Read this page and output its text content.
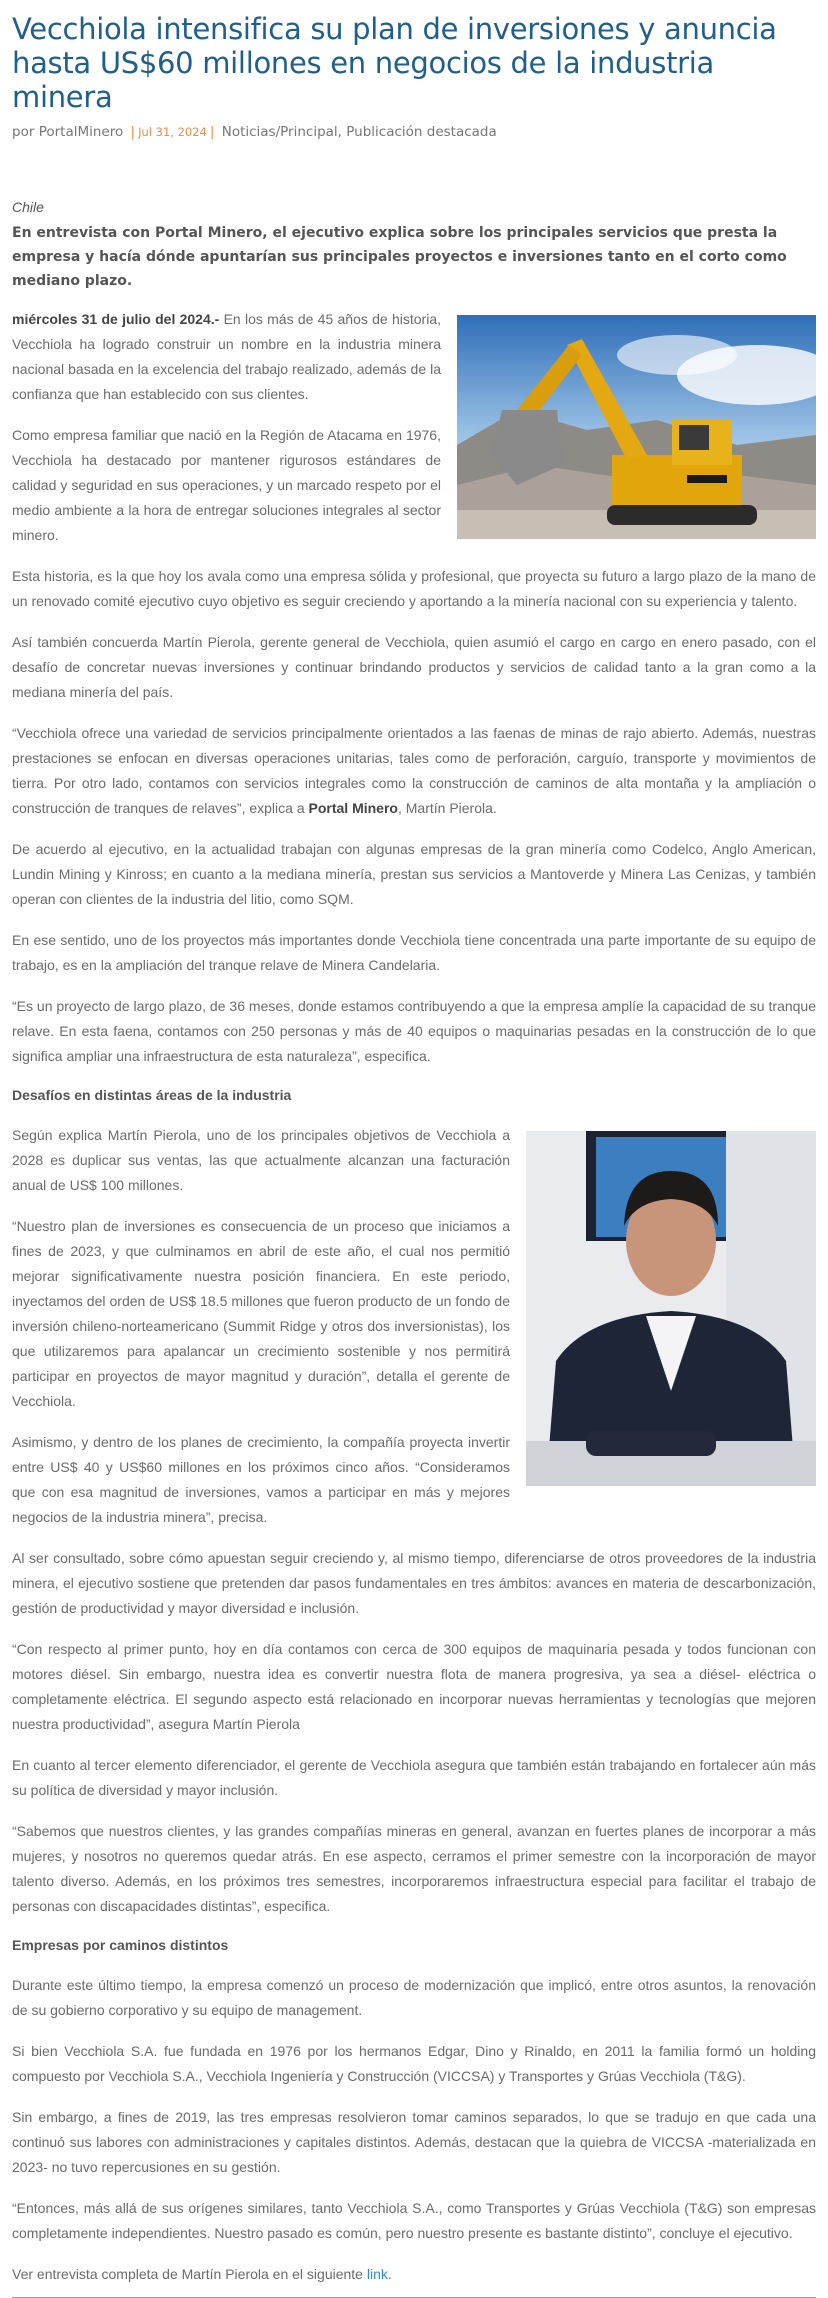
Vecchiola intensifica su plan de inversiones y anuncia hasta US$60 millones en negocios de la industria minera
por PortalMinero | Jul 31, 2024 | Noticias/Principal, Publicación destacada
Chile
En entrevista con Portal Minero, el ejecutivo explica sobre los principales servicios que presta la empresa y hacía dónde apuntarían sus principales proyectos e inversiones tanto en el corto como mediano plazo.

miércoles 31 de julio del 2024.- En los más de 45 años de historia, Vecchiola ha logrado construir un nombre en la industria minera nacional basada en la excelencia del trabajo realizado, además de la confianza que han establecido con sus clientes.

Como empresa familiar que nació en la Región de Atacama en 1976, Vecchiola ha destacado por mantener rigurosos estándares de calidad y seguridad en sus operaciones, y un marcado respeto por el medio ambiente a la hora de entregar soluciones integrales al sector minero.

Esta historia, es la que hoy los avala como una empresa sólida y profesional, que proyecta su futuro a largo plazo de la mano de un renovado comité ejecutivo cuyo objetivo es seguir creciendo y aportando a la minería nacional con su experiencia y talento.

Así también concuerda Martín Pierola, gerente general de Vecchiola, quien asumió el cargo en cargo en enero pasado, con el desafío de concretar nuevas inversiones y continuar brindando productos y servicios de calidad tanto a la gran como a la mediana minería del país.

“Vecchiola ofrece una variedad de servicios principalmente orientados a las faenas de minas de rajo abierto. Además, nuestras prestaciones se enfocan en diversas operaciones unitarias, tales como de perforación, carguío, transporte y movimientos de tierra. Por otro lado, contamos con servicios integrales como la construcción de caminos de alta montaña y la ampliación o construcción de tranques de relaves”, explica a Portal Minero, Martín Pierola.

De acuerdo al ejecutivo, en la actualidad trabajan con algunas empresas de la gran minería como Codelco, Anglo American, Lundin Mining y Kinross; en cuanto a la mediana minería, prestan sus servicios a Mantoverde y Minera Las Cenizas, y también operan con clientes de la industria del litio, como SQM.

En ese sentido, uno de los proyectos más importantes donde Vecchiola tiene concentrada una parte importante de su equipo de trabajo, es en la ampliación del tranque relave de Minera Candelaria.

“Es un proyecto de largo plazo, de 36 meses, donde estamos contribuyendo a que la empresa amplíe la capacidad de su tranque relave. En esta faena, contamos con 250 personas y más de 40 equipos o maquinarias pesadas en la construcción de lo que significa ampliar una infraestructura de esta naturaleza”, especifica.

Desafíos en distintas áreas de la industria

Según explica Martín Pierola, uno de los principales objetivos de Vecchiola a 2028 es duplicar sus ventas, las que actualmente alcanzan una facturación anual de US$ 100 millones.

“Nuestro plan de inversiones es consecuencia de un proceso que iniciamos a fines de 2023, y que culminamos en abril de este año, el cual nos permitió mejorar significativamente nuestra posición financiera. En este periodo, inyectamos del orden de US$ 18.5 millones que fueron producto de un fondo de inversión chileno-norteamericano (Summit Ridge y otros dos inversionistas), los que utilizaremos para apalancar un crecimiento sostenible y nos permitirá participar en proyectos de mayor magnitud y duración”, detalla el gerente de Vecchiola.

Asimismo, y dentro de los planes de crecimiento, la compañía proyecta invertir entre US$ 40 y US$60 millones en los próximos cinco años. “Consideramos que con esa magnitud de inversiones, vamos a participar en más y mejores negocios de la industria minera”, precisa.

Al ser consultado, sobre cómo apuestan seguir creciendo y, al mismo tiempo, diferenciarse de otros proveedores de la industria minera, el ejecutivo sostiene que pretenden dar pasos fundamentales en tres ámbitos: avances en materia de descarbonización, gestión de productividad y mayor diversidad e inclusión.

“Con respecto al primer punto, hoy en día contamos con cerca de 300 equipos de maquinaria pesada y todos funcionan con motores diésel. Sin embargo, nuestra idea es convertir nuestra flota de manera progresiva, ya sea a diésel- eléctrica o completamente eléctrica. El segundo aspecto está relacionado en incorporar nuevas herramientas y tecnologías que mejoren nuestra productividad”, asegura Martín Pierola

En cuanto al tercer elemento diferenciador, el gerente de Vecchiola asegura que también están trabajando en fortalecer aún más su política de diversidad y mayor inclusión.

“Sabemos que nuestros clientes, y las grandes compañías mineras en general, avanzan en fuertes planes de incorporar a más mujeres, y nosotros no queremos quedar atrás. En ese aspecto, cerramos el primer semestre con la incorporación de mayor talento diverso. Además, en los próximos tres semestres, incorporaremos infraestructura especial para facilitar el trabajo de personas con discapacidades distintas”, especifica.

Empresas por caminos distintos

Durante este último tiempo, la empresa comenzó un proceso de modernización que implicó, entre otros asuntos, la renovación de su gobierno corporativo y su equipo de management.

Si bien Vecchiola S.A. fue fundada en 1976 por los hermanos Edgar, Dino y Rinaldo, en 2011 la familia formó un holding compuesto por Vecchiola S.A., Vecchiola Ingeniería y Construcción (VICCSA) y Transportes y Grúas Vecchiola (T&G).

Sin embargo, a fines de 2019, las tres empresas resolvieron tomar caminos separados, lo que se tradujo en que cada una continuó sus labores con administraciones y capitales distintos. Además, destacan que la quiebra de VICCSA -materializada en 2023- no tuvo repercusiones en su gestión.

“Entonces, más allá de sus orígenes similares, tanto Vecchiola S.A., como Transportes y Grúas Vecchiola (T&G) son empresas completamente independientes. Nuestro pasado es común, pero nuestro presente es bastante distinto”, concluye el ejecutivo.

Ver entrevista completa de Martín Pierola en el siguiente link.
